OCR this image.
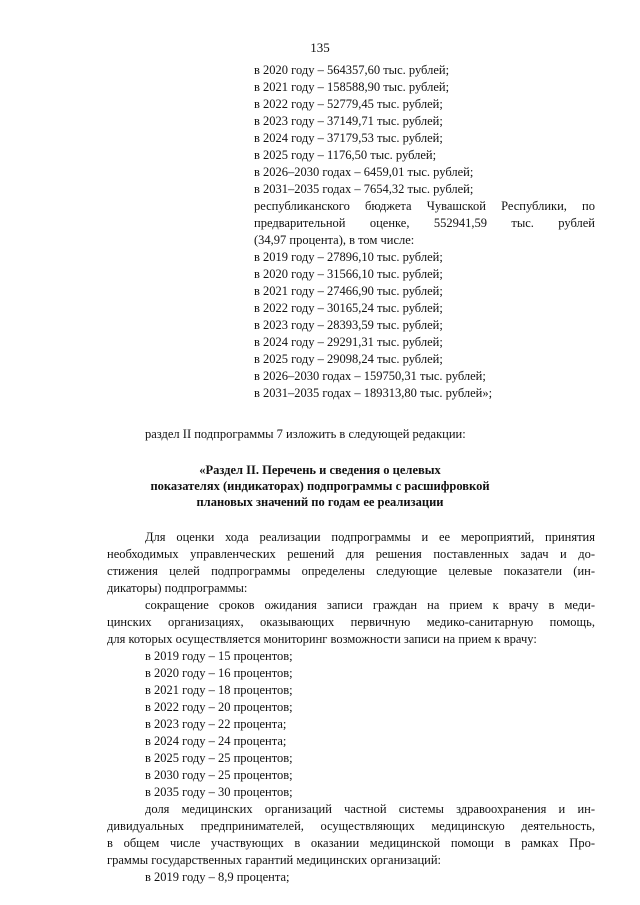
135
в 2020 году – 564357,60 тыс. рублей;
в 2021 году – 158588,90 тыс. рублей;
в 2022 году – 52779,45 тыс. рублей;
в 2023 году – 37149,71 тыс. рублей;
в 2024 году – 37179,53 тыс. рублей;
в 2025 году – 1176,50 тыс. рублей;
в 2026–2030 годах – 6459,01 тыс. рублей;
в 2031–2035 годах – 7654,32 тыс. рублей;
республиканского бюджета Чувашской Республики, по
предварительной оценке, 552941,59 тыс. рублей
(34,97 процента), в том числе:
в 2019 году – 27896,10 тыс. рублей;
в 2020 году – 31566,10 тыс. рублей;
в 2021 году – 27466,90 тыс. рублей;
в 2022 году – 30165,24 тыс. рублей;
в 2023 году – 28393,59 тыс. рублей;
в 2024 году – 29291,31 тыс. рублей;
в 2025 году – 29098,24 тыс. рублей;
в 2026–2030 годах – 159750,31 тыс. рублей;
в 2031–2035 годах – 189313,80 тыс. рублей»;
раздел II подпрограммы 7 изложить в следующей редакции:
«Раздел II. Перечень и сведения о целевых
показателях (индикаторах) подпрограммы с расшифровкой
плановых значений по годам ее реализации
Для оценки хода реализации подпрограммы и ее мероприятий, принятия
необходимых управленческих решений для решения поставленных задач и до-
стижения целей подпрограммы определены следующие целевые показатели (ин-
дикаторы) подпрограммы:
сокращение сроков ожидания записи граждан на прием к врачу в меди-
цинских организациях, оказывающих первичную медико-санитарную помощь,
для которых осуществляется мониторинг возможности записи на прием к врачу:
в 2019 году – 15 процентов;
в 2020 году – 16 процентов;
в 2021 году – 18 процентов;
в 2022 году – 20 процентов;
в 2023 году – 22 процента;
в 2024 году – 24 процента;
в 2025 году – 25 процентов;
в 2030 году – 25 процентов;
в 2035 году – 30 процентов;
доля медицинских организаций частной системы здравоохранения и ин-
дивидуальных предпринимателей, осуществляющих медицинскую деятельность,
в общем числе участвующих в оказании медицинской помощи в рамках Про-
граммы государственных гарантий медицинских организаций:
в 2019 году – 8,9 процента;
